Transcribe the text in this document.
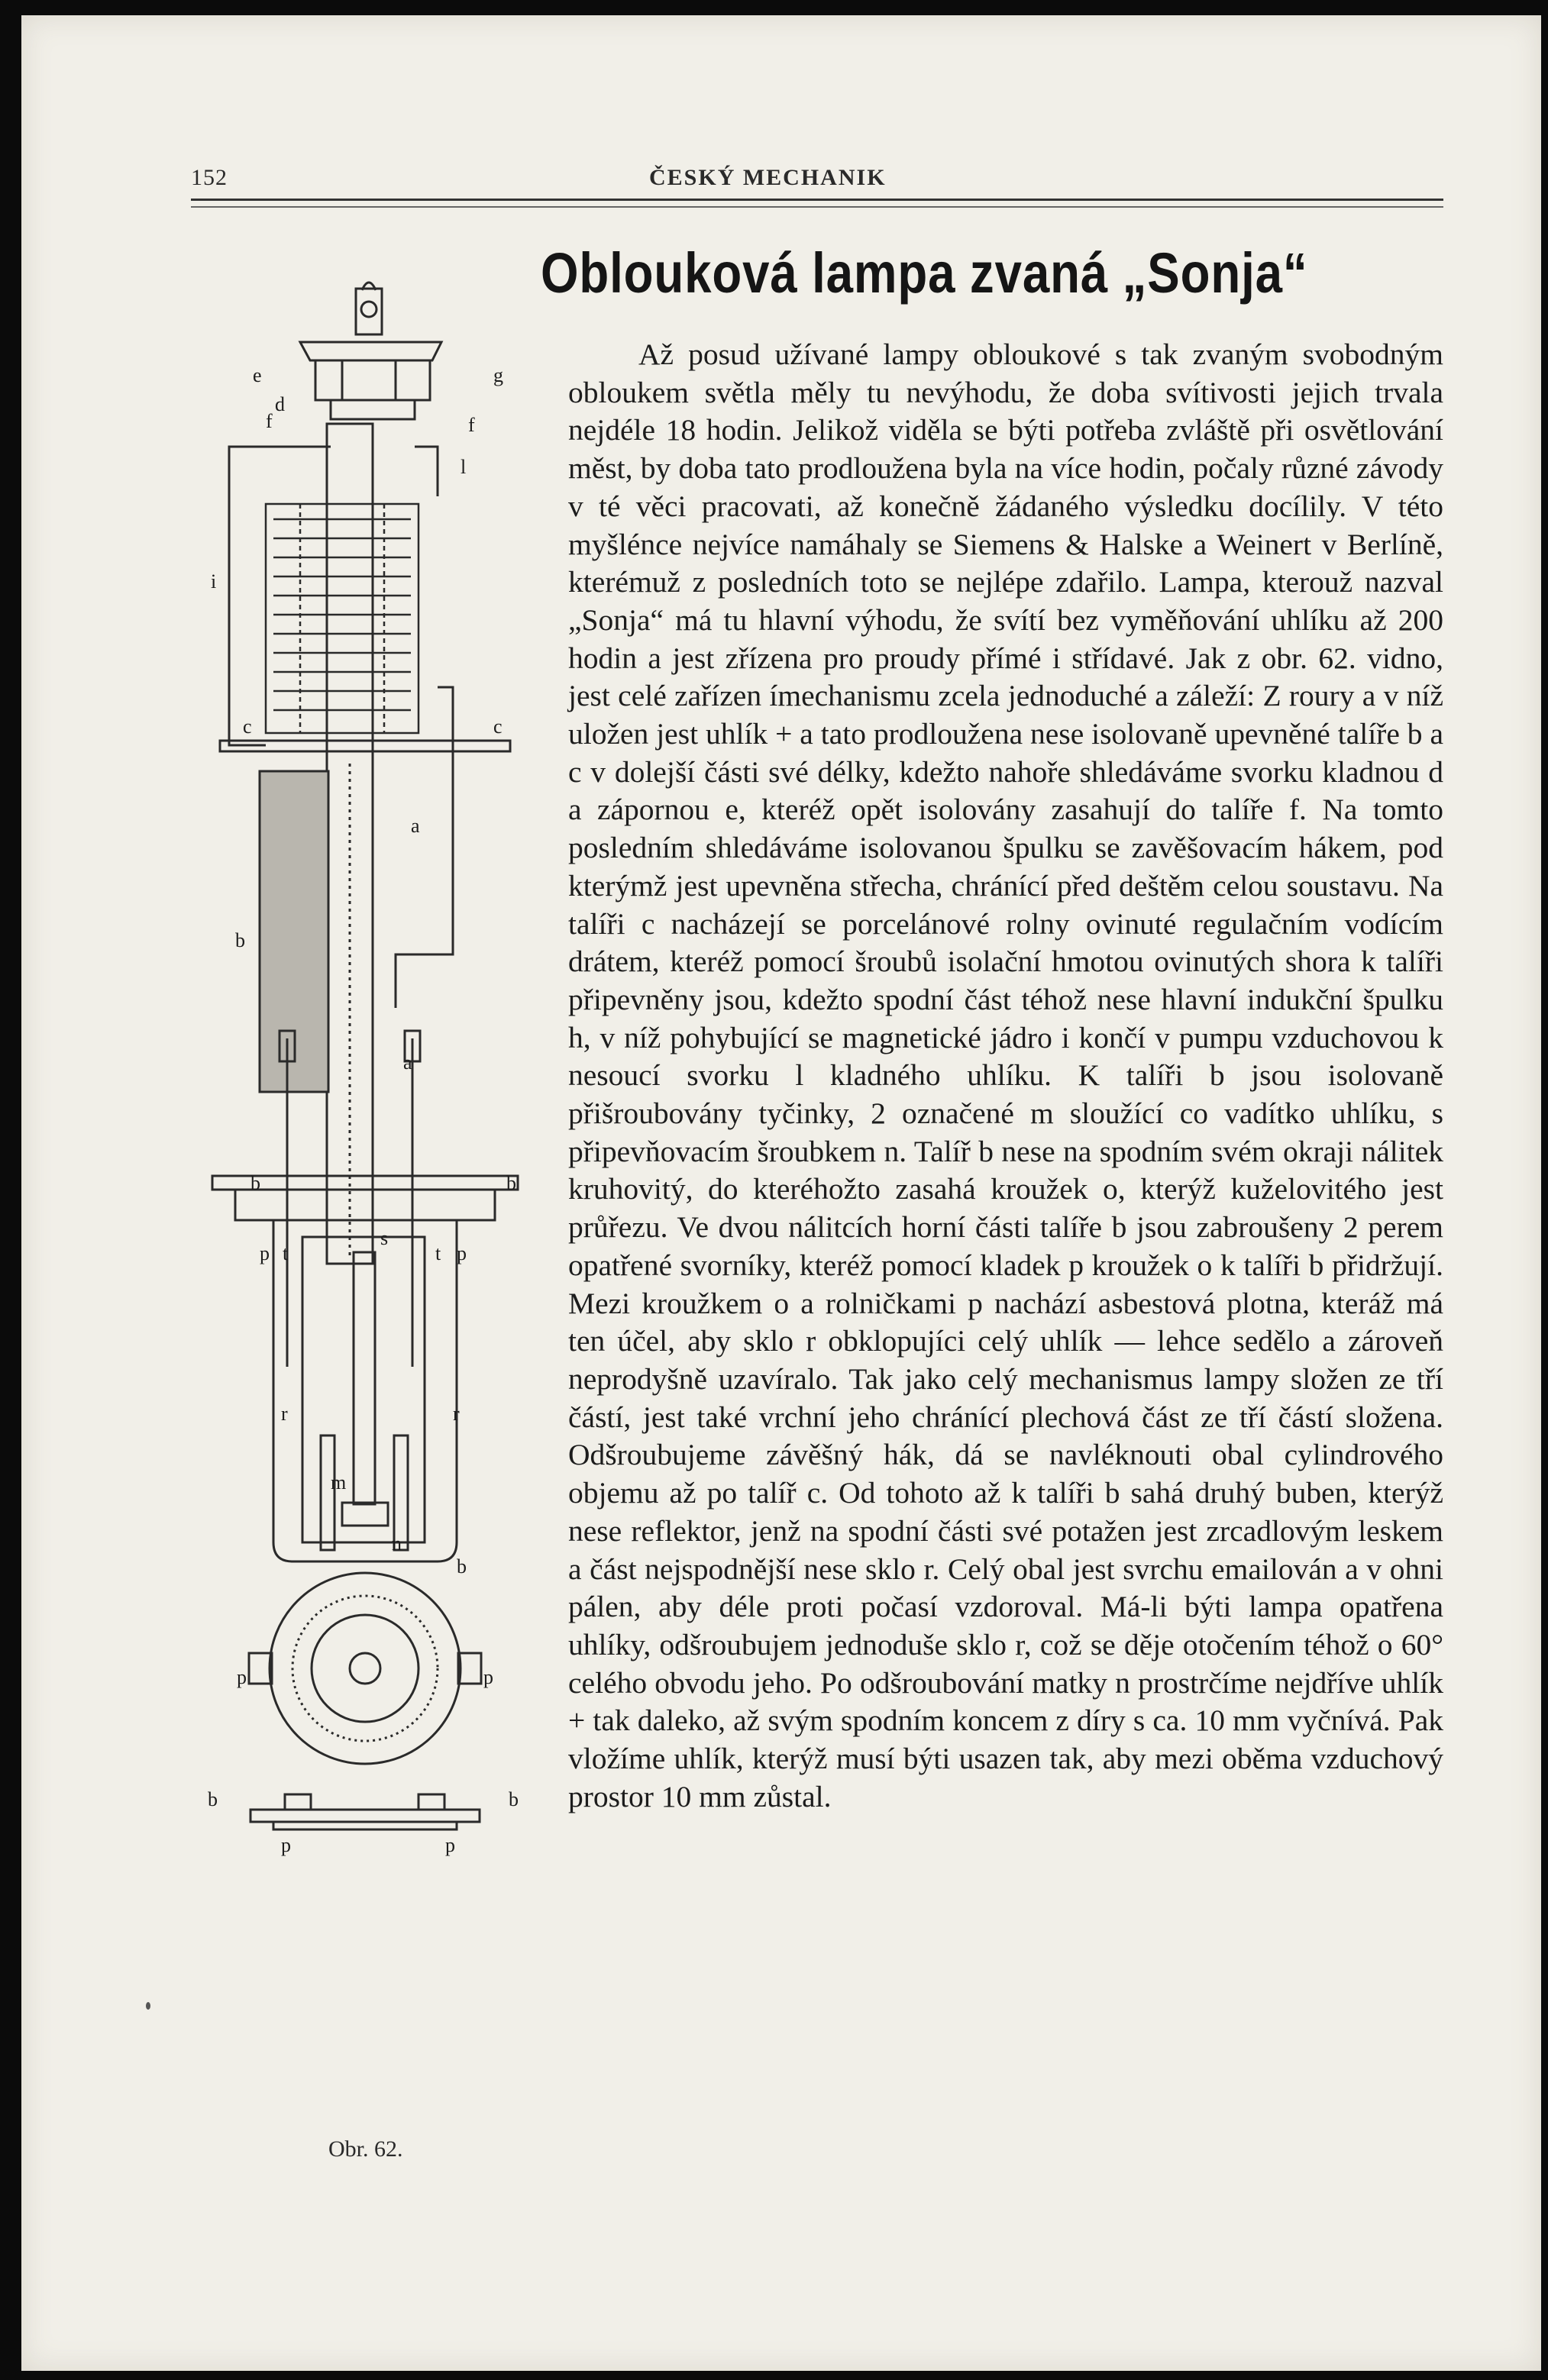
152	ČESKÝ MECHANIK
Oblouková lampa zvaná „Sonja“

Až posud užívané lampy obloukové s tak zvaným svobodným obloukem světla měly tu nevýhodu, že doba svítivosti jejich trvala nejdéle 18 hodin. Jelikož viděla se býti potřeba zvláště při osvětlování měst, by doba tato prodloužena byla na více hodin, počaly různé závody v té věci pracovati, až konečně žádaného výsledku docílily. V této myšlénce nejvíce namáhaly se Siemens & Halske a Weinert v Berlíně, kterémuž z posledních toto se nejlépe zdařilo. Lampa, kterouž nazval „Sonja“ má tu hlavní výhodu, že svítí bez vyměňování uhlíku až 200 hodin a jest zřízena pro proudy přímé i střídavé. Jak z obr. 62. vidno, jest celé zařízen ímechanismu zcela jednoduché a záleží: Z roury a v níž uložen jest uhlík + a tato prodloužena nese isolovaně upevněné talíře b a c v dolejší části své délky, kdežto nahoře shledáváme svorku kladnou d a zápornou e, kteréž opět isolovány zasahují do talíře f. Na tomto posledním shledáváme isolovanou špulku se zavěšovacím hákem, pod kterýmž jest upevněna střecha, chránící před deštěm celou soustavu. Na talíři c nacházejí se porcelánové rolny ovinuté regulačním vodícím drátem, kteréž pomocí šroubů isolační hmotou ovinutých shora k talíři připevněny jsou, kdežto spodní část téhož nese hlavní indukční špulku h, v níž pohybující se magnetické jádro i končí v pumpu vzduchovou k nesoucí svorku l kladného uhlíku. K talíři b jsou isolovaně přišroubovány tyčinky, 2 označené m sloužící co vadítko uhlíku, s připevňovacím šroubkem n. Talíř b nese na spodním svém okraji nálitek kruhovitý, do kteréhožto zasahá kroužek o, kterýž kuželovitého jest průřezu. Ve dvou nálitcích horní části talíře b jsou zabroušeny 2 perem opatřené svorníky, kteréž pomocí kladek p kroužek o k talíři b přidržují. Mezi kroužkem o a rolničkami p nachází asbestová plotna, kteráž má ten účel, aby sklo r obklopujíci celý uhlík — lehce sedělo a zároveň neprodyšně uzavíralo. Tak jako celý mechanismus lampy složen ze tří částí, jest také vrchní jeho chránící plechová část ze tří částí složena. Odšroubujeme závěšný hák, dá se navléknouti obal cylindrového objemu až po talíř c. Od tohoto až k talíři b sahá druhý buben, kterýž nese reflektor, jenž na spodní části své potažen jest zrcadlovým leskem a část nejspodnější nese sklo r. Celý obal jest svrchu emailován a v ohni pálen, aby déle proti počasí vzdoroval. Má-li býti lampa opatřena uhlíky, odšroubujem jednoduše sklo r, což se děje otočením téhož o 60° celého obvodu jeho. Po odšroubování matky n prostrčíme nejdříve uhlík + tak daleko, až svým spodním koncem z díry s ca. 10 mm vyčnívá. Pak vložíme uhlík, kterýž musí býti usazen tak, aby mezi oběma vzduchový prostor 10 mm zůstal.

e	g
d
f	f
l
i
c	c
a
a
b
b	b
p	p
t	t
s
r	r
m
n
b
p	p
b	b
p	p
Obr. 62.
